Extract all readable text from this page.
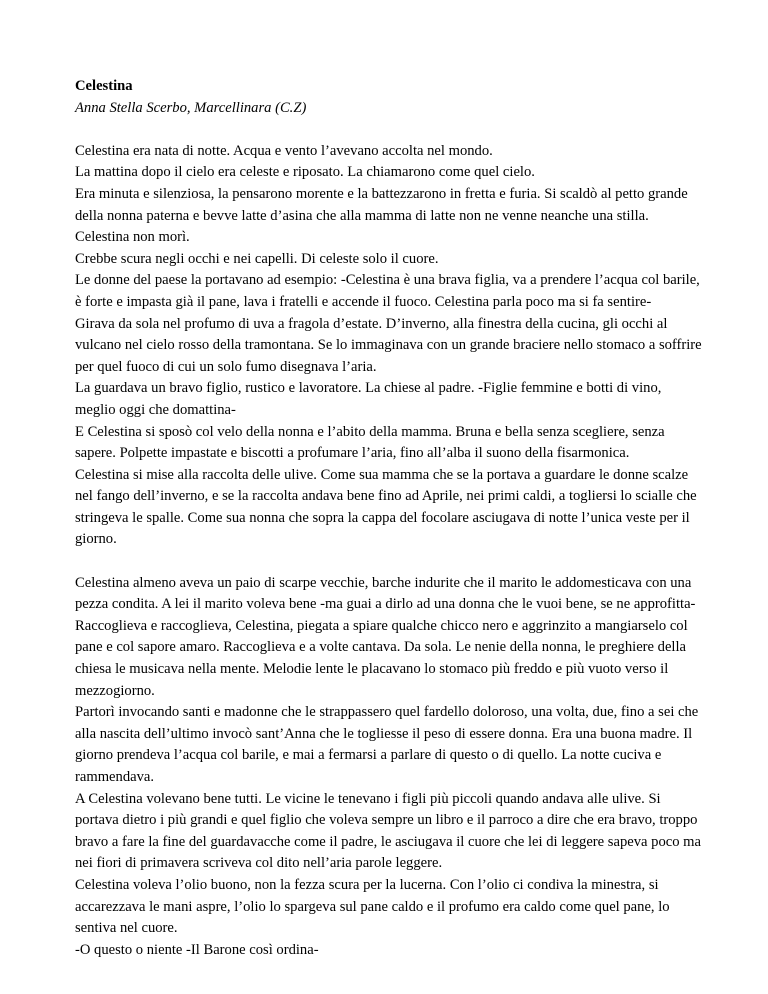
Celestina

Anna Stella Scerbo, Marcellinara (C.Z)

Celestina era nata di notte. Acqua e vento l’avevano accolta nel mondo.

La mattina dopo il cielo era celeste e riposato. La chiamarono come quel cielo.

Era minuta e silenziosa, la pensarono morente e la battezzarono in fretta e furia. Si scaldò al petto grande della nonna paterna e bevve latte d’asina che alla mamma di latte non ne venne neanche una stilla.

Celestina non morì.

Crebbe scura negli occhi e nei capelli. Di celeste solo il cuore.

Le donne del paese la portavano ad esempio: -Celestina è una brava figlia, va a prendere l’acqua col barile, è forte e impasta già il pane, lava i fratelli e accende il fuoco. Celestina parla poco ma si fa sentire-

Girava da sola nel profumo di uva a fragola d’estate. D’inverno, alla finestra della cucina, gli occhi al vulcano nel cielo rosso della tramontana. Se lo immaginava con un grande braciere nello stomaco a soffrire per quel fuoco di cui un solo fumo disegnava l’aria.

La guardava un bravo figlio, rustico e lavoratore. La chiese al padre. -Figlie femmine e botti di vino, meglio oggi che domattina-

E Celestina si sposò col velo della nonna e l’abito della mamma. Bruna e bella senza scegliere, senza sapere. Polpette impastate e biscotti a profumare l’aria, fino all’alba il suono della fisarmonica.

Celestina si mise alla raccolta delle ulive. Come sua mamma che se la portava a guardare le donne scalze nel fango dell’inverno, e se la raccolta andava bene fino ad Aprile, nei primi caldi, a togliersi lo scialle che stringeva le spalle. Come sua nonna che sopra la cappa del focolare asciugava di notte l’unica veste per il giorno.

Celestina almeno aveva un paio di scarpe vecchie, barche indurite che il marito le addomesticava con una pezza condita. A lei il marito voleva bene -ma guai a dirlo ad una donna che le vuoi bene, se ne approfitta-

Raccoglieva e raccoglieva, Celestina, piegata a spiare qualche chicco nero e aggrinzito a mangiarselo col pane e col sapore amaro. Raccoglieva e a volte cantava. Da sola. Le nenie della nonna, le preghiere della chiesa le musicava nella mente. Melodie lente le placavano lo stomaco più freddo e più vuoto verso il mezzogiorno.

Partorì invocando santi e madonne che le strappassero quel fardello doloroso, una volta, due, fino a sei che alla nascita dell’ultimo invocò sant’Anna che le togliesse il peso di essere donna. Era una buona madre. Il giorno prendeva l’acqua col barile, e mai a fermarsi a parlare di questo o di quello. La notte cuciva e rammendava.

A Celestina volevano bene tutti. Le vicine le tenevano i figli più piccoli quando andava alle ulive. Si portava dietro i più grandi e quel figlio che voleva sempre un libro e il parroco a dire che era bravo, troppo bravo a fare la fine del guardavacche come il padre, le asciugava il cuore che lei di leggere sapeva poco ma nei fiori di primavera scriveva col dito nell’aria parole leggere.

Celestina voleva l’olio buono, non la fezza scura per la lucerna. Con l’olio ci condiva la minestra, si accarezzava le mani aspre, l’olio lo spargeva sul pane caldo e il profumo era caldo come quel pane, lo sentiva nel cuore.

-O questo o niente -Il Barone così ordina-
